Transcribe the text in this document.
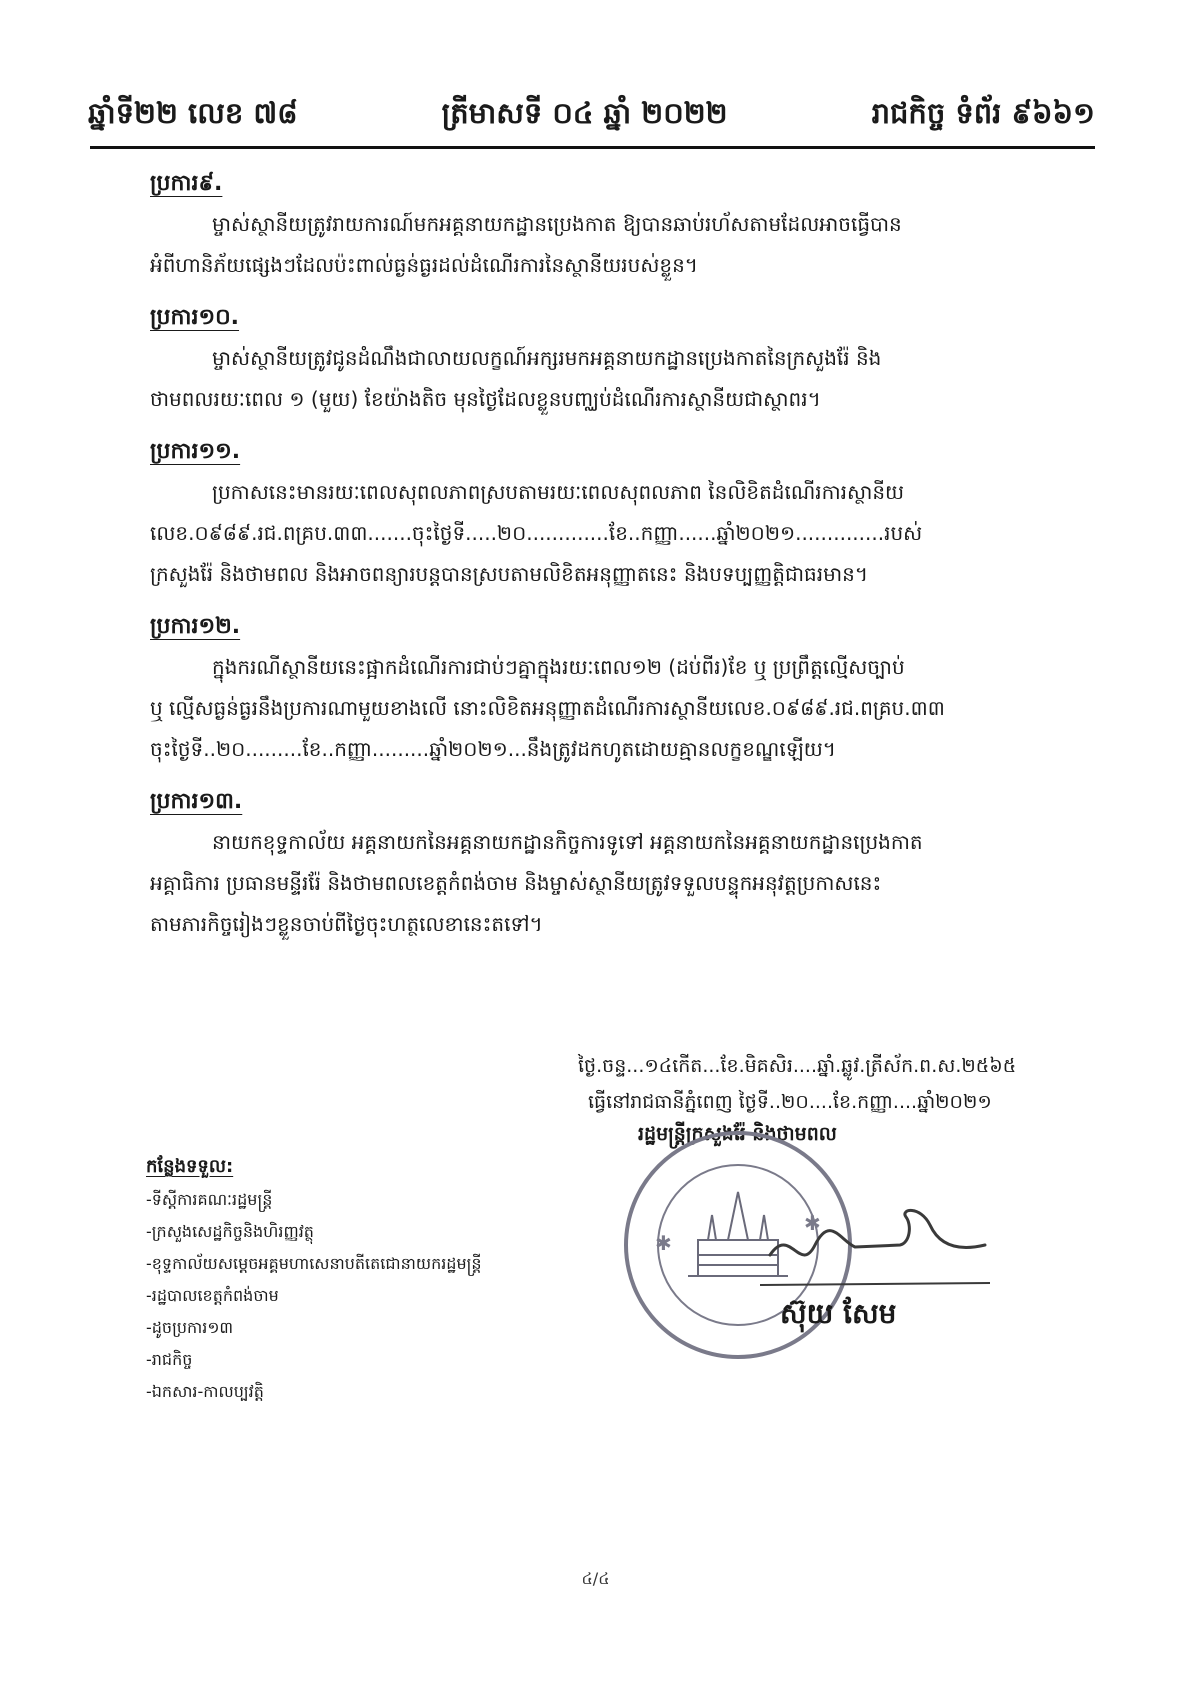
ឆ្នាំទី២២ លេខ ៧៨	ត្រីមាសទី ០៤ ឆ្នាំ ២០២២	រាជកិច្ច ទំព័រ ៩៦៦១
ប្រការ៩.
ម្ចាស់ស្ថានីយត្រូវរាយការណ៍មកអគ្គនាយកដ្ឋានប្រេងកាត ឱ្យបានឆាប់រហ័សតាមដែលអាចធ្វើបាន
អំពីហានិភ័យផ្សេងៗដែលប៉ះពាល់ធ្ងន់ធ្ងរដល់ដំណើរការនៃស្ថានីយរបស់ខ្លួន។
ប្រការ១០.
ម្ចាស់ស្ថានីយត្រូវជូនដំណឹងជាលាយលក្ខណ៍អក្សរមកអគ្គនាយកដ្ឋានប្រេងកាតនៃក្រសួងរ៉ែ និង
ថាមពលរយៈពេល ១ (មួយ) ខែយ៉ាងតិច មុនថ្ងៃដែលខ្លួនបញ្ឈប់ដំណើរការស្ថានីយជាស្ថាពរ។
ប្រការ១១.
ប្រកាសនេះមានរយៈពេលសុពលភាពស្របតាមរយៈពេលសុពលភាព នៃលិខិតដំណើរការស្ថានីយ
លេខ.០៩៨៩.រជ.ពគ្រប.៣៣.......ចុះថ្ងៃទី.....២០.............ខែ..កញ្ញា......ឆ្នាំ២០២១..............របស់
ក្រសួងរ៉ែ និងថាមពល និងអាចពន្យារបន្តបានស្របតាមលិខិតអនុញ្ញាតនេះ និងបទប្បញ្ញត្តិជាធរមាន។
ប្រការ១២.
ក្នុងករណីស្ថានីយនេះផ្អាកដំណើរការជាប់ៗគ្នាក្នុងរយៈពេល១២ (ដប់ពីរ)ខែ ឬ ប្រព្រឹត្តល្មើសច្បាប់
ឬ ល្មើសធ្ងន់ធ្ងរនឹងប្រការណាមួយខាងលើ នោះលិខិតអនុញ្ញាតដំណើរការស្ថានីយលេខ.០៩៨៩.រជ.ពគ្រប.៣៣
ចុះថ្ងៃទី..២០.........ខែ..កញ្ញា.........ឆ្នាំ២០២១...នឹងត្រូវដកហូតដោយគ្មានលក្ខខណ្ឌឡើយ។
ប្រការ១៣.
នាយកខុទ្ទកាល័យ អគ្គនាយកនៃអគ្គនាយកដ្ឋានកិច្ចការទូទៅ អគ្គនាយកនៃអគ្គនាយកដ្ឋានប្រេងកាត
អគ្គាធិការ ប្រធានមន្ទីររ៉ែ និងថាមពលខេត្តកំពង់ចាម និងម្ចាស់ស្ថានីយត្រូវទទួលបន្ទុកអនុវត្តប្រកាសនេះ
តាមភារកិច្ចរៀងៗខ្លួនចាប់ពីថ្ងៃចុះហត្ថលេខានេះតទៅ។
ថ្ងៃ.ចន្ទ...១៤កើត...ខែ.មិគសិរ....ឆ្នាំ.ឆ្លូវ.ត្រីស័ក.ព.ស.២៥៦៥
ធ្វើនៅរាជធានីភ្នំពេញ ថ្ងៃទី..២០....ខែ.កញ្ញា....ឆ្នាំ២០២១
រដ្ឋមន្ត្រីក្រសួងរ៉ែ និងថាមពល
✱
✱
ស៊ុយ សែម
កន្លែងទទួល:
-ទីស្តីការគណៈរដ្ឋមន្ត្រី
-ក្រសួងសេដ្ឋកិច្ចនិងហិរញ្ញវត្ថុ
-ខុទ្ទកាល័យសម្តេចអគ្គមហាសេនាបតីតេជោនាយករដ្ឋមន្ត្រី
-រដ្ឋបាលខេត្តកំពង់ចាម
-ដូចប្រការ១៣
-រាជកិច្ច
-ឯកសារ-កាលប្បវត្តិ
៤/៤
